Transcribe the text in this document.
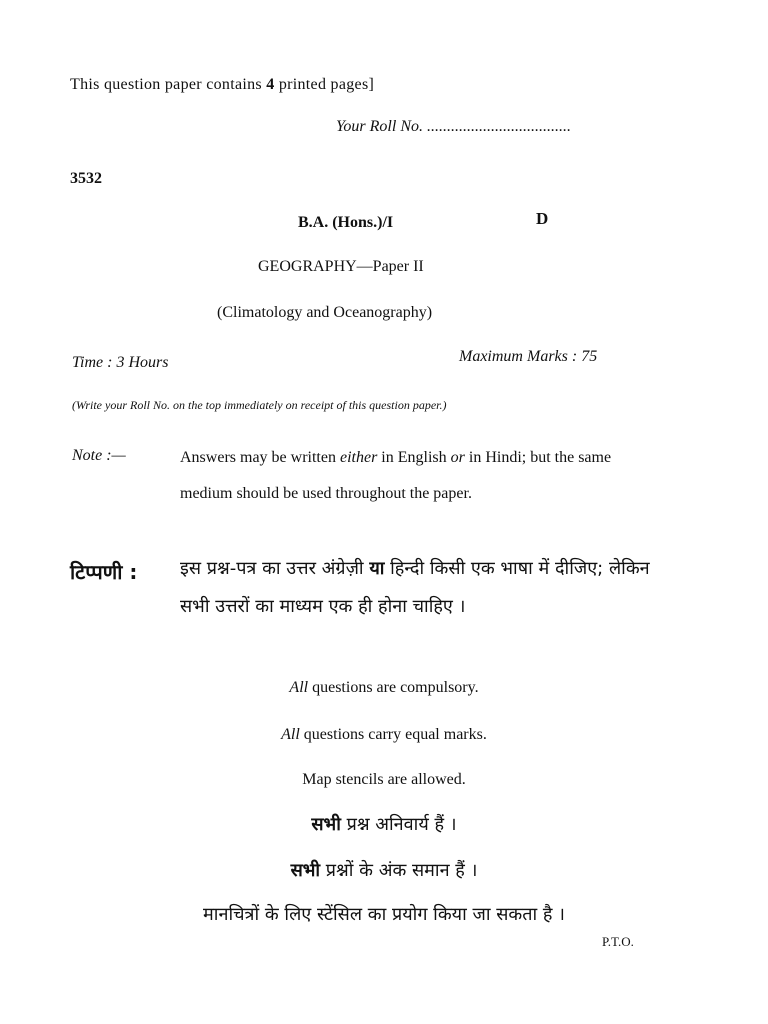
This question paper contains 4 printed pages]
Your Roll No. ....................................
3532
B.A. (Hons.)/I	D
GEOGRAPHY—Paper II
(Climatology and Oceanography)
Time : 3 Hours	Maximum Marks : 75
(Write your Roll No. on the top immediately on receipt of this question paper.)
Note :—	Answers may be written either in English or in Hindi; but the same medium should be used throughout the paper.
टिप्पणी : इस प्रश्न-पत्र का उत्तर अंग्रेज़ी या हिन्दी किसी एक भाषा में दीजिए; लेकिन सभी उत्तरों का माध्यम एक ही होना चाहिए ।
All questions are compulsory.
All questions carry equal marks.
Map stencils are allowed.
सभी प्रश्न अनिवार्य हैं ।
सभी प्रश्नों के अंक समान हैं ।
मानचित्रों के लिए स्टेंसिल का प्रयोग किया जा सकता है ।
P.T.O.
